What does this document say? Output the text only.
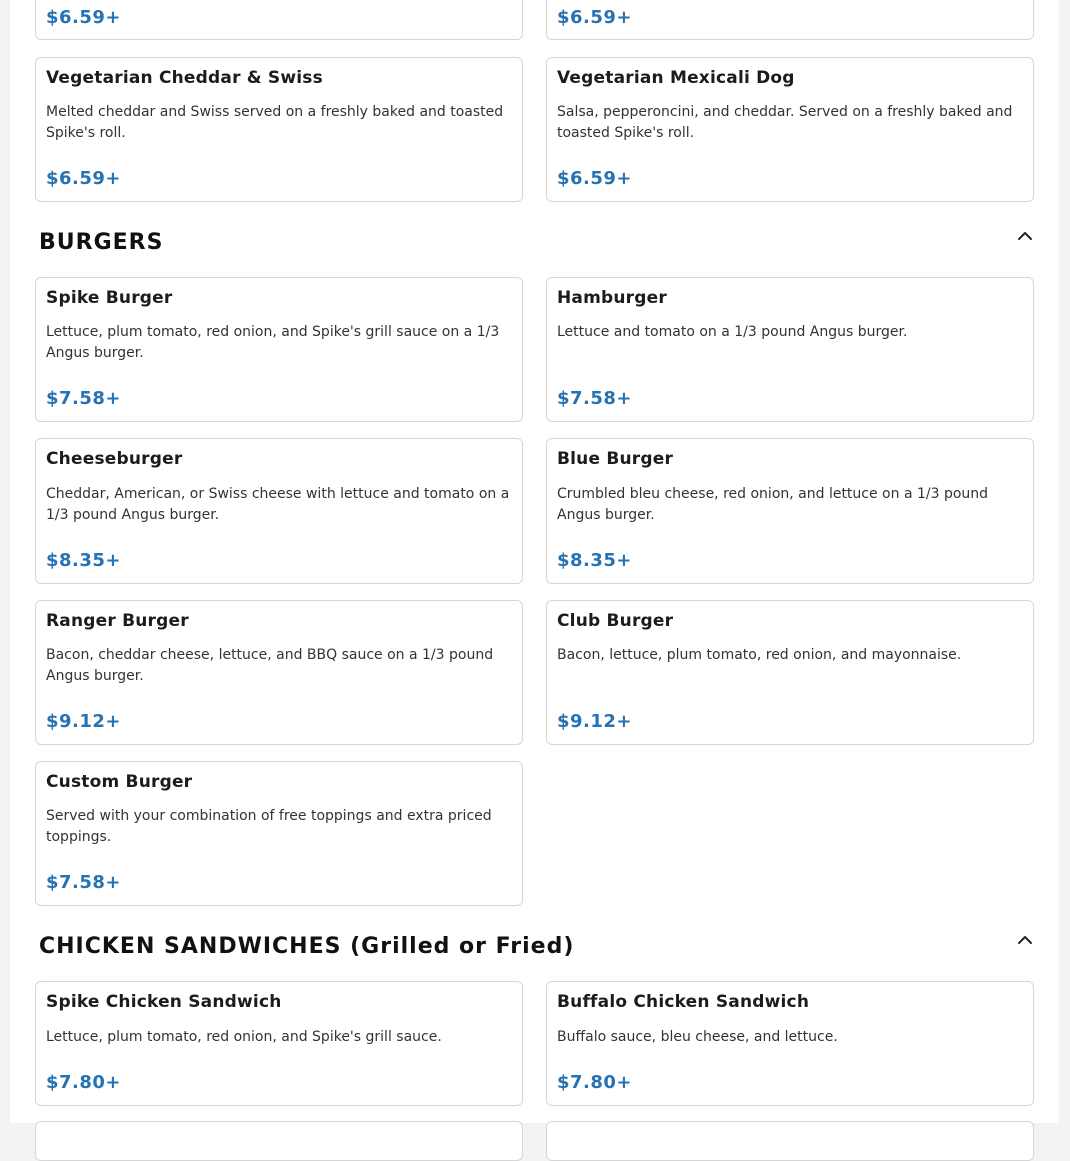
$6.59+	$6.59+
Vegetarian Cheddar & Swiss
Melted cheddar and Swiss served on a freshly baked and toasted Spike's roll.
$6.59+
Vegetarian Mexicali Dog
Salsa, pepperoncini, and cheddar. Served on a freshly baked and toasted Spike's roll.
$6.59+
BURGERS
Spike Burger
Lettuce, plum tomato, red onion, and Spike's grill sauce on a 1/3 Angus burger.
$7.58+
Hamburger
Lettuce and tomato on a 1/3 pound Angus burger.
$7.58+
Cheeseburger
Cheddar, American, or Swiss cheese with lettuce and tomato on a 1/3 pound Angus burger.
$8.35+
Blue Burger
Crumbled bleu cheese, red onion, and lettuce on a 1/3 pound Angus burger.
$8.35+
Ranger Burger
Bacon, cheddar cheese, lettuce, and BBQ sauce on a 1/3 pound Angus burger.
$9.12+
Club Burger
Bacon, lettuce, plum tomato, red onion, and mayonnaise.
$9.12+
Custom Burger
Served with your combination of free toppings and extra priced toppings.
$7.58+
CHICKEN SANDWICHES (Grilled or Fried)
Spike Chicken Sandwich
Lettuce, plum tomato, red onion, and Spike's grill sauce.
$7.80+
Buffalo Chicken Sandwich
Buffalo sauce, bleu cheese, and lettuce.
$7.80+
